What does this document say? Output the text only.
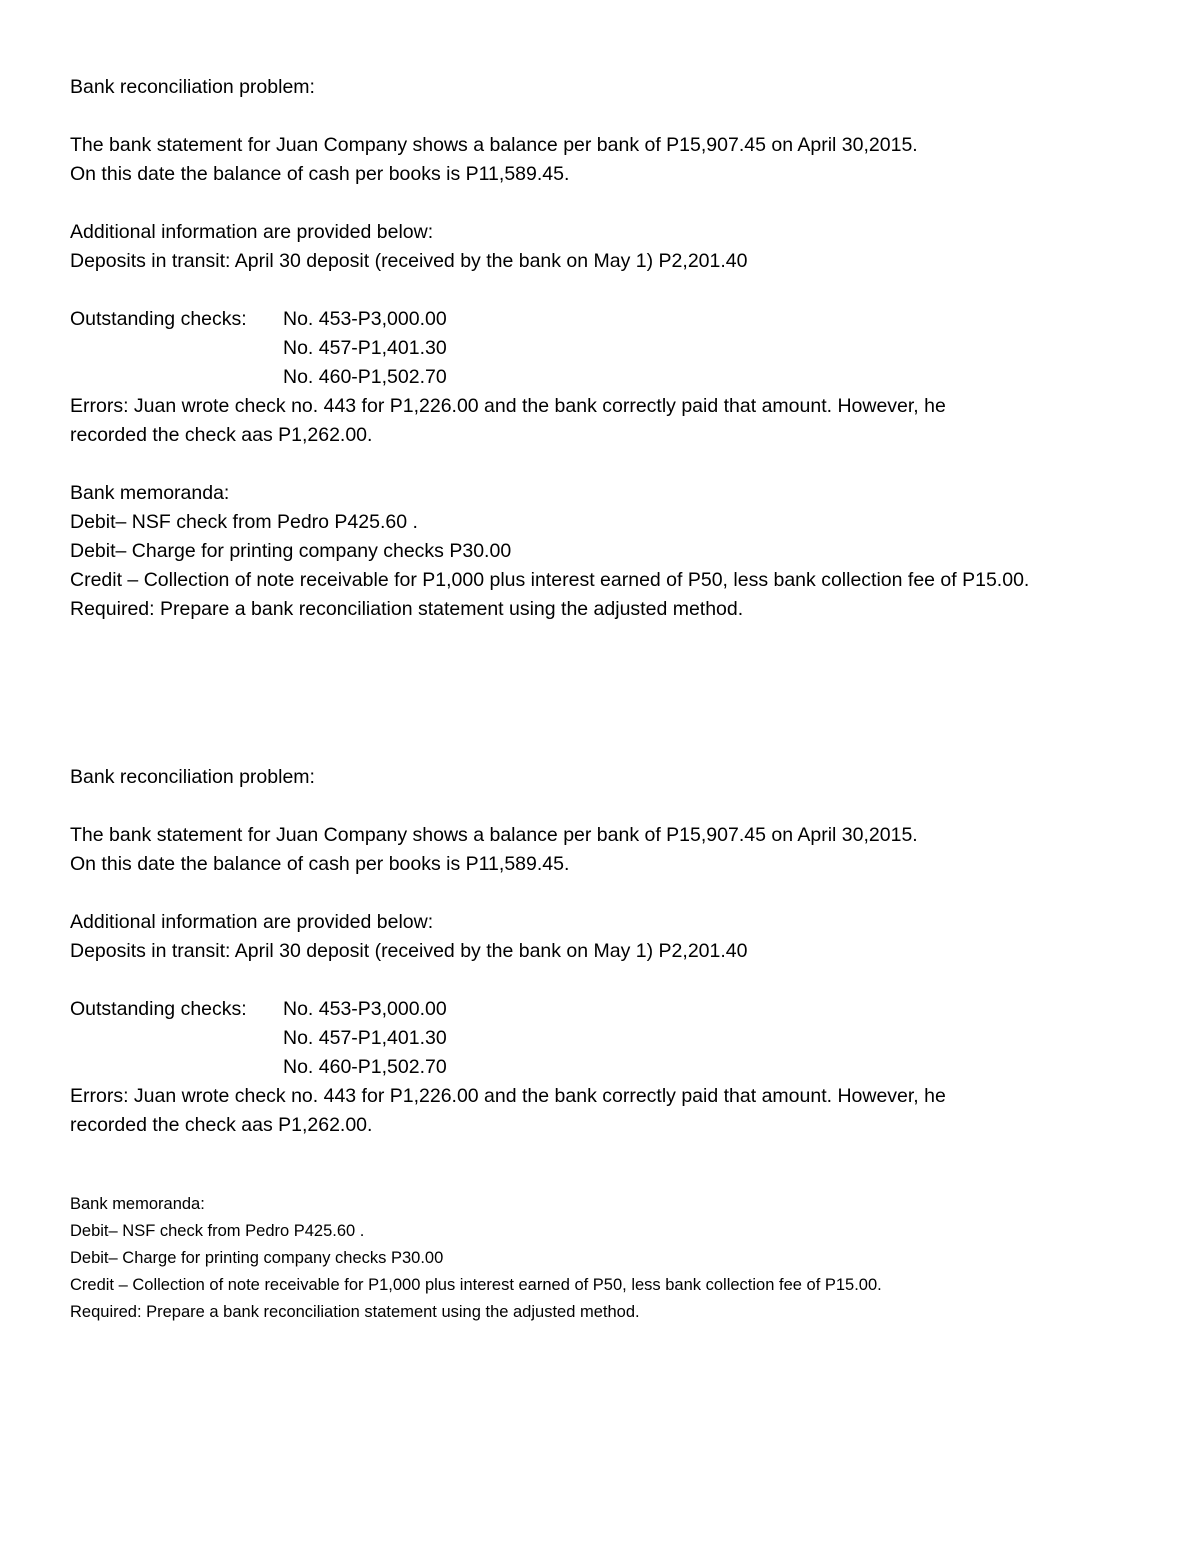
Bank reconciliation problem:
The bank statement for Juan Company shows a balance per bank of P15,907.45 on April 30,2015.
On this date the balance of cash per books is P11,589.45.
Additional information are provided below:
Deposits in transit: April 30 deposit (received by the bank on May 1) P2,201.40
Outstanding checks:	No. 453-P3,000.00
No. 457-P1,401.30
No. 460-P1,502.70
Errors: Juan wrote check no. 443 for P1,226.00 and the bank correctly paid that amount. However, he
recorded the check aas P1,262.00.
Bank memoranda:
Debit– NSF check from Pedro P425.60 .
Debit– Charge for printing company checks P30.00
Credit – Collection of note receivable for P1,000 plus interest earned of P50, less bank collection fee of P15.00.
Required: Prepare a bank reconciliation statement using the adjusted method.
Bank reconciliation problem:
The bank statement for Juan Company shows a balance per bank of P15,907.45 on April 30,2015.
On this date the balance of cash per books is P11,589.45.
Additional information are provided below:
Deposits in transit: April 30 deposit (received by the bank on May 1) P2,201.40
Outstanding checks:	No. 453-P3,000.00
No. 457-P1,401.30
No. 460-P1,502.70
Errors: Juan wrote check no. 443 for P1,226.00 and the bank correctly paid that amount. However, he
recorded the check aas P1,262.00.
Bank memoranda:
Debit– NSF check from Pedro P425.60 .
Debit– Charge for printing company checks P30.00
Credit – Collection of note receivable for P1,000 plus interest earned of P50, less bank collection fee of P15.00.
Required: Prepare a bank reconciliation statement using the adjusted method.
